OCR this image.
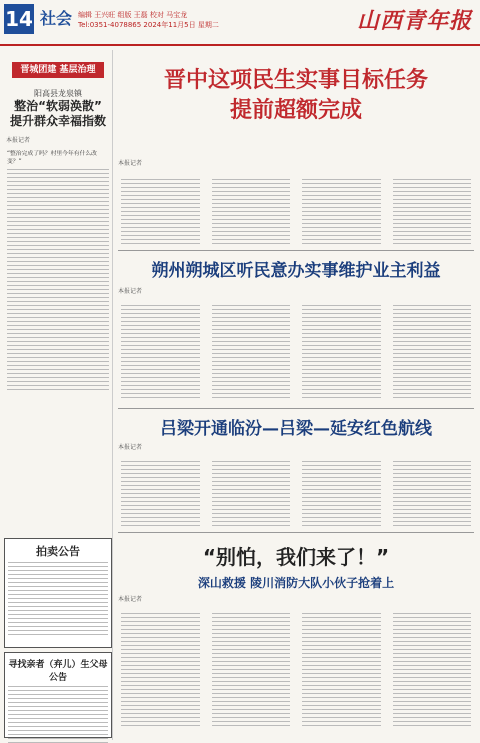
14 社会 编辑 王兴旺 组版 王磊 校对 马宝龙
Tel:0351-4078865 2024年11月5日 星期二	山西青年报
晋城团建 基层治理
阳高县龙泉镇
整治“软弱涣散”
提升群众幸福指数
本报记者
“整治完成了吗？村里今年有什么改变？”
拍卖公告
寻找亲者（弃儿）生父母公告
晋中这项民生实事目标任务
提前超额完成
本报记者
朔州朔城区听民意办实事维护业主利益
本报记者
吕梁开通临汾—吕梁—延安红色航线
本报记者
“别怕，我们来了！”
深山救援 陵川消防大队小伙子抢着上
本报记者
